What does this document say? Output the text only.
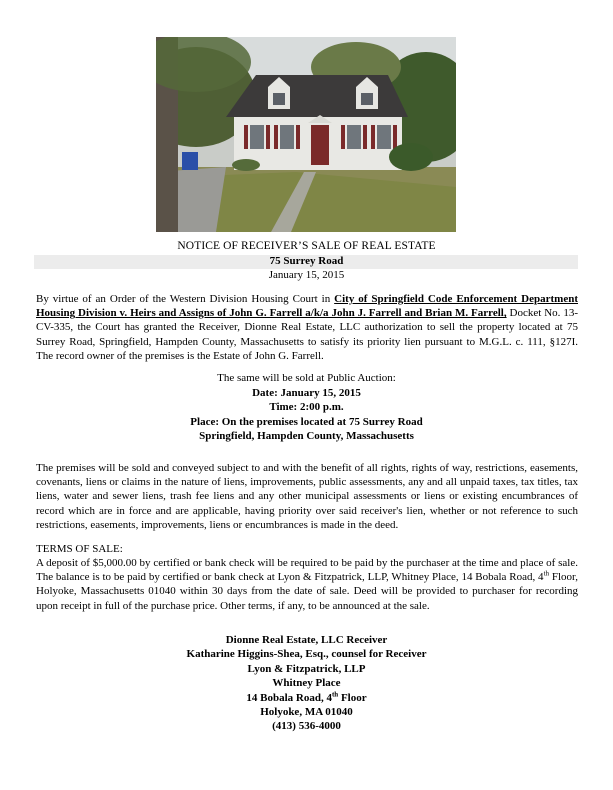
NOTICE OF RECEIVER’S SALE OF REAL ESTATE
75 Surrey Road
January 15, 2015
By virtue of an Order of the Western Division Housing Court in City of Springfield Code Enforcement Department Housing Division v. Heirs and Assigns of John G. Farrell a/k/a John J. Farrell and Brian M. Farrell, Docket No. 13-CV-335, the Court has granted the Receiver, Dionne Real Estate, LLC authorization to sell the property located at 75 Surrey Road, Springfield, Hampden County, Massachusetts to satisfy its priority lien pursuant to M.G.L. c. 111, §127I. The record owner of the premises is the Estate of John G. Farrell.
The same will be sold at Public Auction:
Date: January 15, 2015
Time: 2:00 p.m.
Place: On the premises located at 75 Surrey Road
Springfield, Hampden County, Massachusetts
The premises will be sold and conveyed subject to and with the benefit of all rights, rights of way, restrictions, easements, covenants, liens or claims in the nature of liens, improvements, public assessments, any and all unpaid taxes, tax titles, tax liens, water and sewer liens, trash fee liens and any other municipal assessments or liens or existing encumbrances of record which are in force and are applicable, having priority over said receiver's lien, whether or not reference to such restrictions, easements, improvements, liens or encumbrances is made in the deed.
TERMS OF SALE:
A deposit of $5,000.00 by certified or bank check will be required to be paid by the purchaser at the time and place of sale. The balance is to be paid by certified or bank check at Lyon & Fitzpatrick, LLP, Whitney Place, 14 Bobala Road, 4th Floor, Holyoke, Massachusetts 01040 within 30 days from the date of sale. Deed will be provided to purchaser for recording upon receipt in full of the purchase price. Other terms, if any, to be announced at the sale.
Dionne Real Estate, LLC Receiver
Katharine Higgins-Shea, Esq., counsel for Receiver
Lyon & Fitzpatrick, LLP
Whitney Place
14 Bobala Road, 4th Floor
Holyoke, MA 01040
(413) 536-4000
